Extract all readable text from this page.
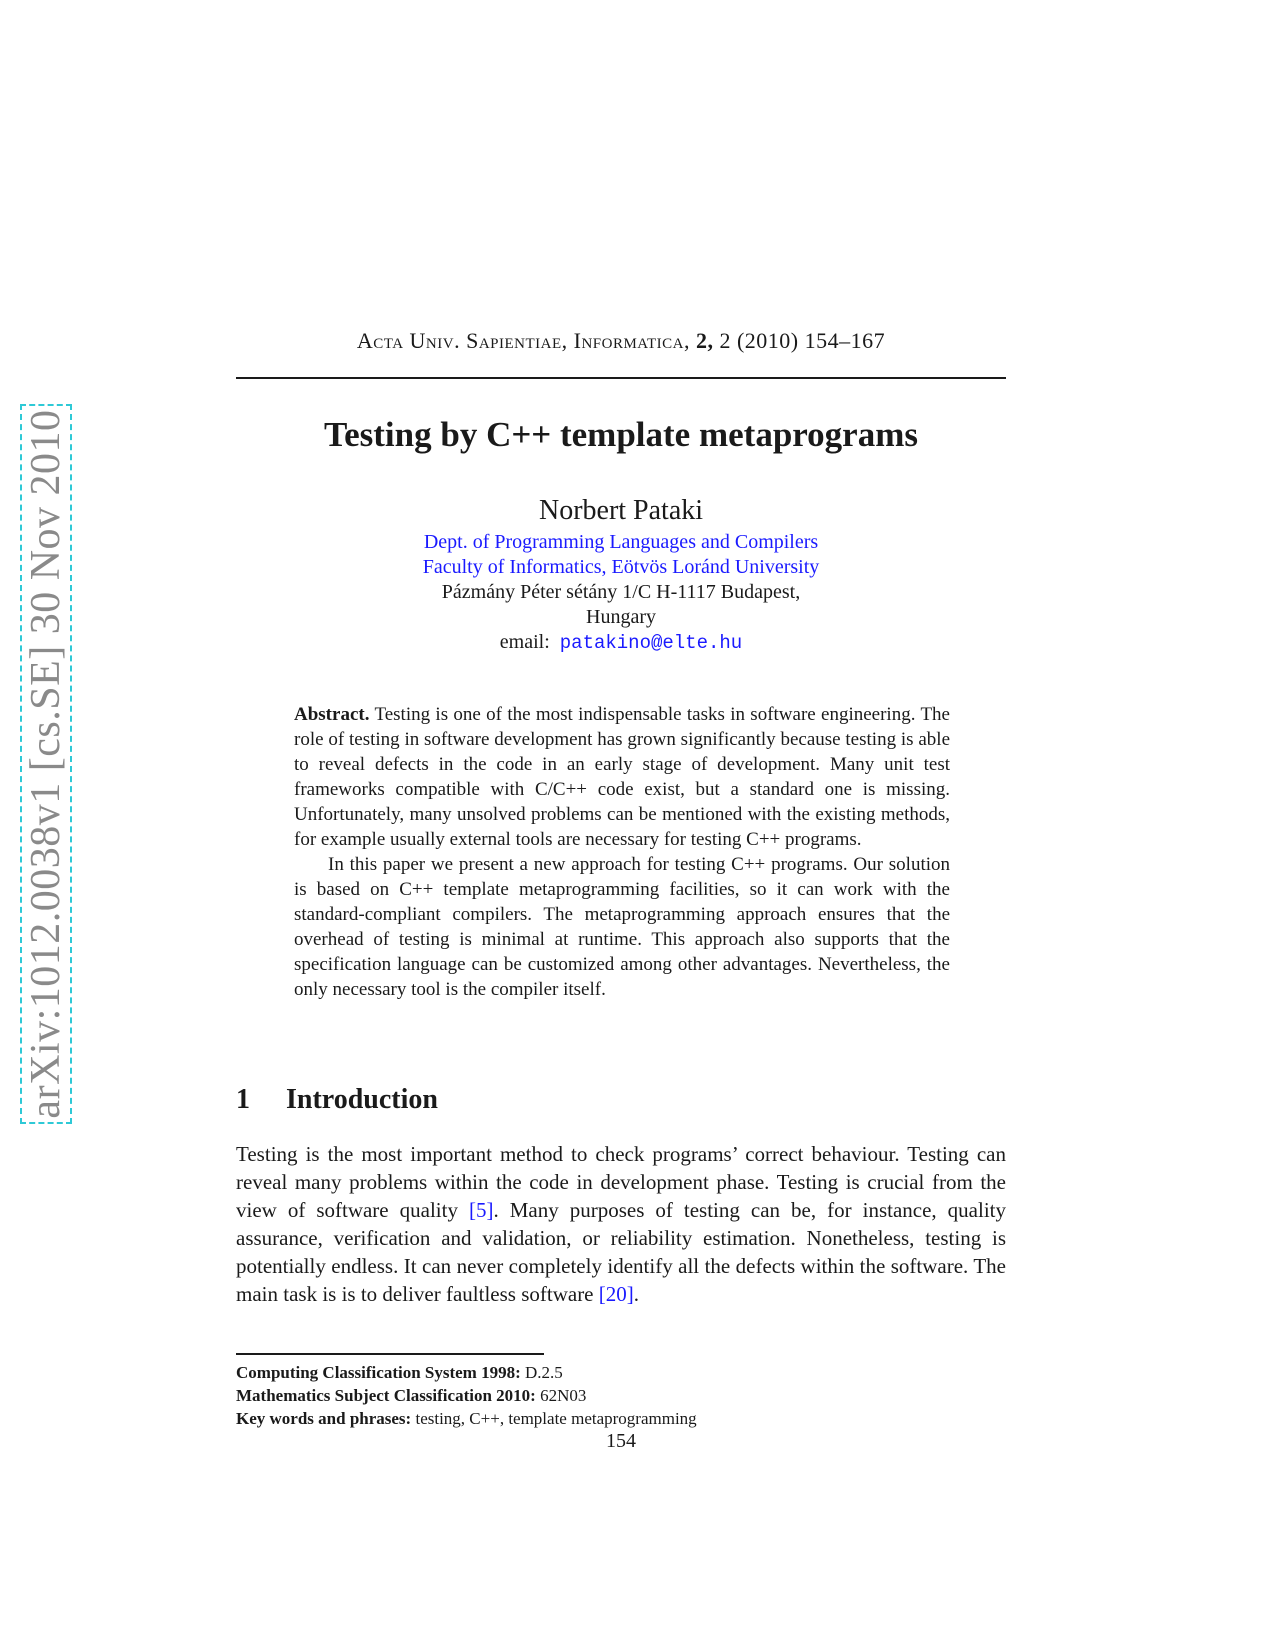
arXiv:1012.0038v1 [cs.SE] 30 Nov 2010
Acta Univ. Sapientiae, Informatica, 2, 2 (2010) 154–167
Testing by C++ template metaprograms
Norbert Pataki
Dept. of Programming Languages and Compilers
Faculty of Informatics, Eötvös Loránd University
Pázmány Péter sétány 1/C H-1117 Budapest,
Hungary
email: patakino@elte.hu

Abstract. Testing is one of the most indispensable tasks in software engineering. The role of testing in software development has grown significantly because testing is able to reveal defects in the code in an early stage of development. Many unit test frameworks compatible with C/C++ code exist, but a standard one is missing. Unfortunately, many unsolved problems can be mentioned with the existing methods, for example usually external tools are necessary for testing C++ programs.

In this paper we present a new approach for testing C++ programs. Our solution is based on C++ template metaprogramming facilities, so it can work with the standard-compliant compilers. The metaprogramming approach ensures that the overhead of testing is minimal at runtime. This approach also supports that the specification language can be customized among other advantages. Nevertheless, the only necessary tool is the compiler itself.

1 Introduction

Testing is the most important method to check programs’ correct behaviour. Testing can reveal many problems within the code in development phase. Testing is crucial from the view of software quality [5]. Many purposes of testing can be, for instance, quality assurance, verification and validation, or reliability estimation. Nonetheless, testing is potentially endless. It can never completely identify all the defects within the software. The main task is is to deliver faultless software [20].

Computing Classification System 1998: D.2.5
Mathematics Subject Classification 2010: 62N03
Key words and phrases: testing, C++, template metaprogramming
154
